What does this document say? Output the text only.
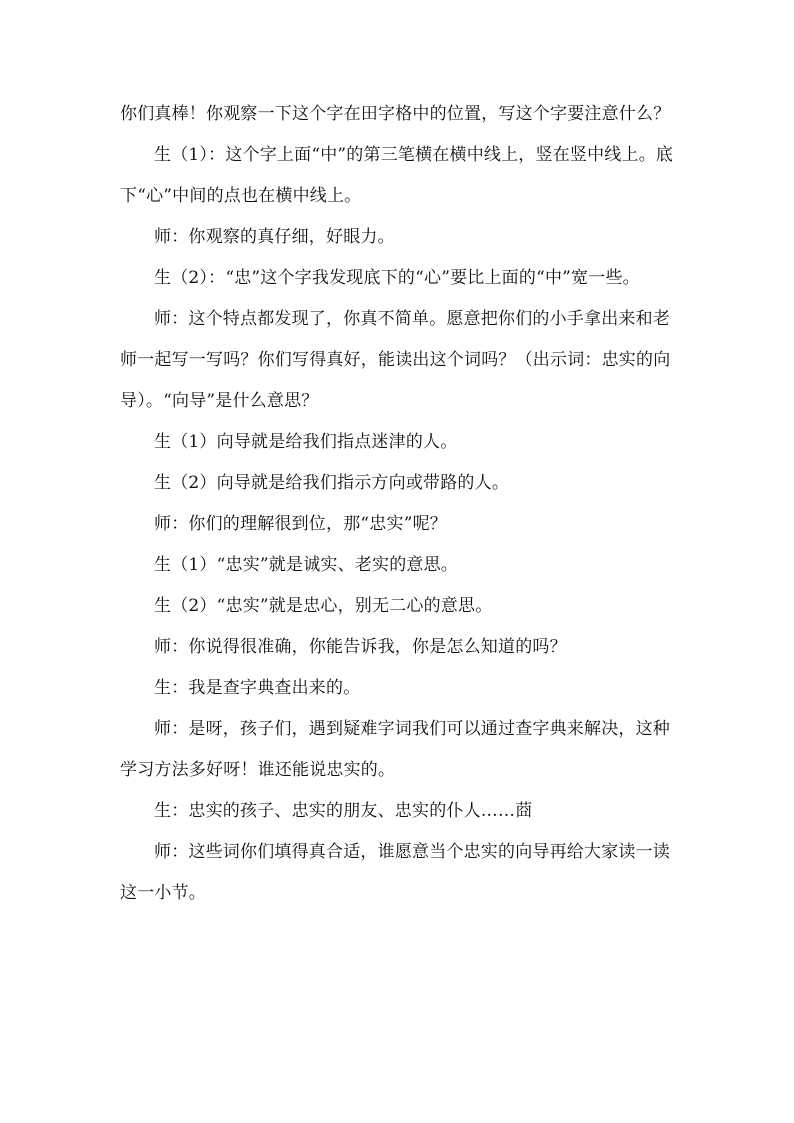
你们真棒！你观察一下这个字在田字格中的位置，写这个字要注意什么？

生（1）：这个字上面“中”的第三笔横在横中线上，竖在竖中线上。底下“心”中间的点也在横中线上。

师：你观察的真仔细，好眼力。

生（2）：“忠”这个字我发现底下的“心”要比上面的“中”宽一些。

师：这个特点都发现了，你真不简单。愿意把你们的小手拿出来和老师一起写一写吗？你们写得真好，能读出这个词吗？（出示词：忠实的向导）。“向导”是什么意思？

生（1）向导就是给我们指点迷津的人。

生（2）向导就是给我们指示方向或带路的人。

师：你们的理解很到位，那“忠实”呢？

生（1）“忠实”就是诚实、老实的意思。

生（2）“忠实”就是忠心，别无二心的意思。

师：你说得很准确，你能告诉我，你是怎么知道的吗？

生：我是查字典查出来的。

师：是呀，孩子们，遇到疑难字词我们可以通过查字典来解决，这种学习方法多好呀！谁还能说忠实的。

生：忠实的孩子、忠实的朋友、忠实的仆人……莔

师：这些词你们填得真合适，谁愿意当个忠实的向导再给大家读一读这一小节。
